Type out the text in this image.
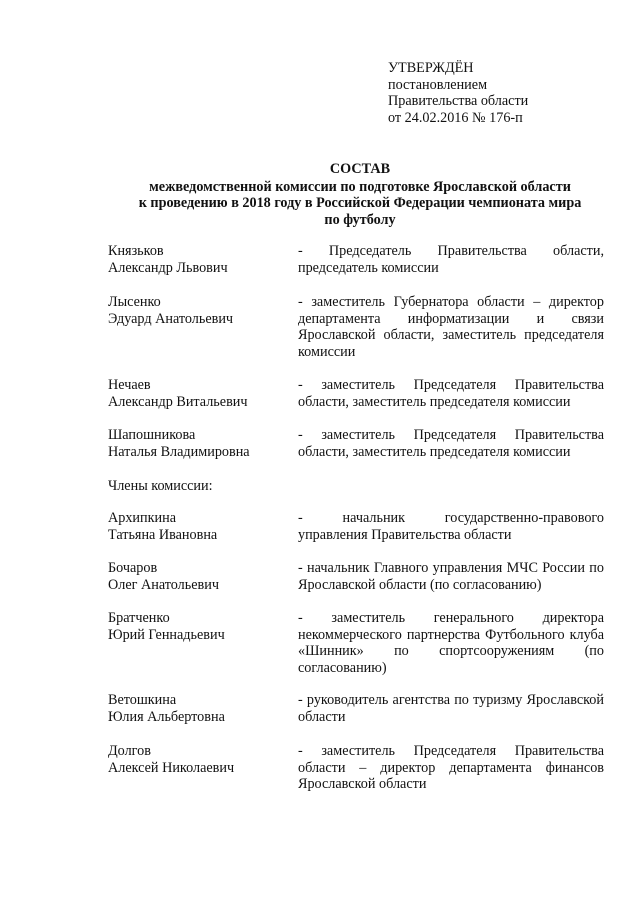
УТВЕРЖДЁН
постановлением
Правительства области
от 24.02.2016 № 176-п
СОСТАВ
межведомственной комиссии по подготовке Ярославской области
к проведению в 2018 году в Российской Федерации чемпионата мира
по футболу
Князьков
Александр Львович
- Председатель Правительства области, председатель комиссии
Лысенко
Эдуард Анатольевич
- заместитель Губернатора области – директор департамента информатизации и связи Ярославской области, заместитель председателя комиссии
Нечаев
Александр Витальевич
- заместитель Председателя Правительства области, заместитель председателя комиссии
Шапошникова
Наталья Владимировна
- заместитель Председателя Правительства области, заместитель председателя комиссии
Члены комиссии:
Архипкина
Татьяна Ивановна
- начальник государственно-правового управления Правительства области
Бочаров
Олег Анатольевич
- начальник Главного управления МЧС России по Ярославской области (по согласованию)
Братченко
Юрий Геннадьевич
- заместитель генерального директора некоммерческого партнерства Футбольного клуба «Шинник» по спортсооружениям (по согласованию)
Ветошкина
Юлия Альбертовна
- руководитель агентства по туризму Ярославской области
Долгов
Алексей Николаевич
- заместитель Председателя Правительства области – директор департамента финансов Ярославской области
